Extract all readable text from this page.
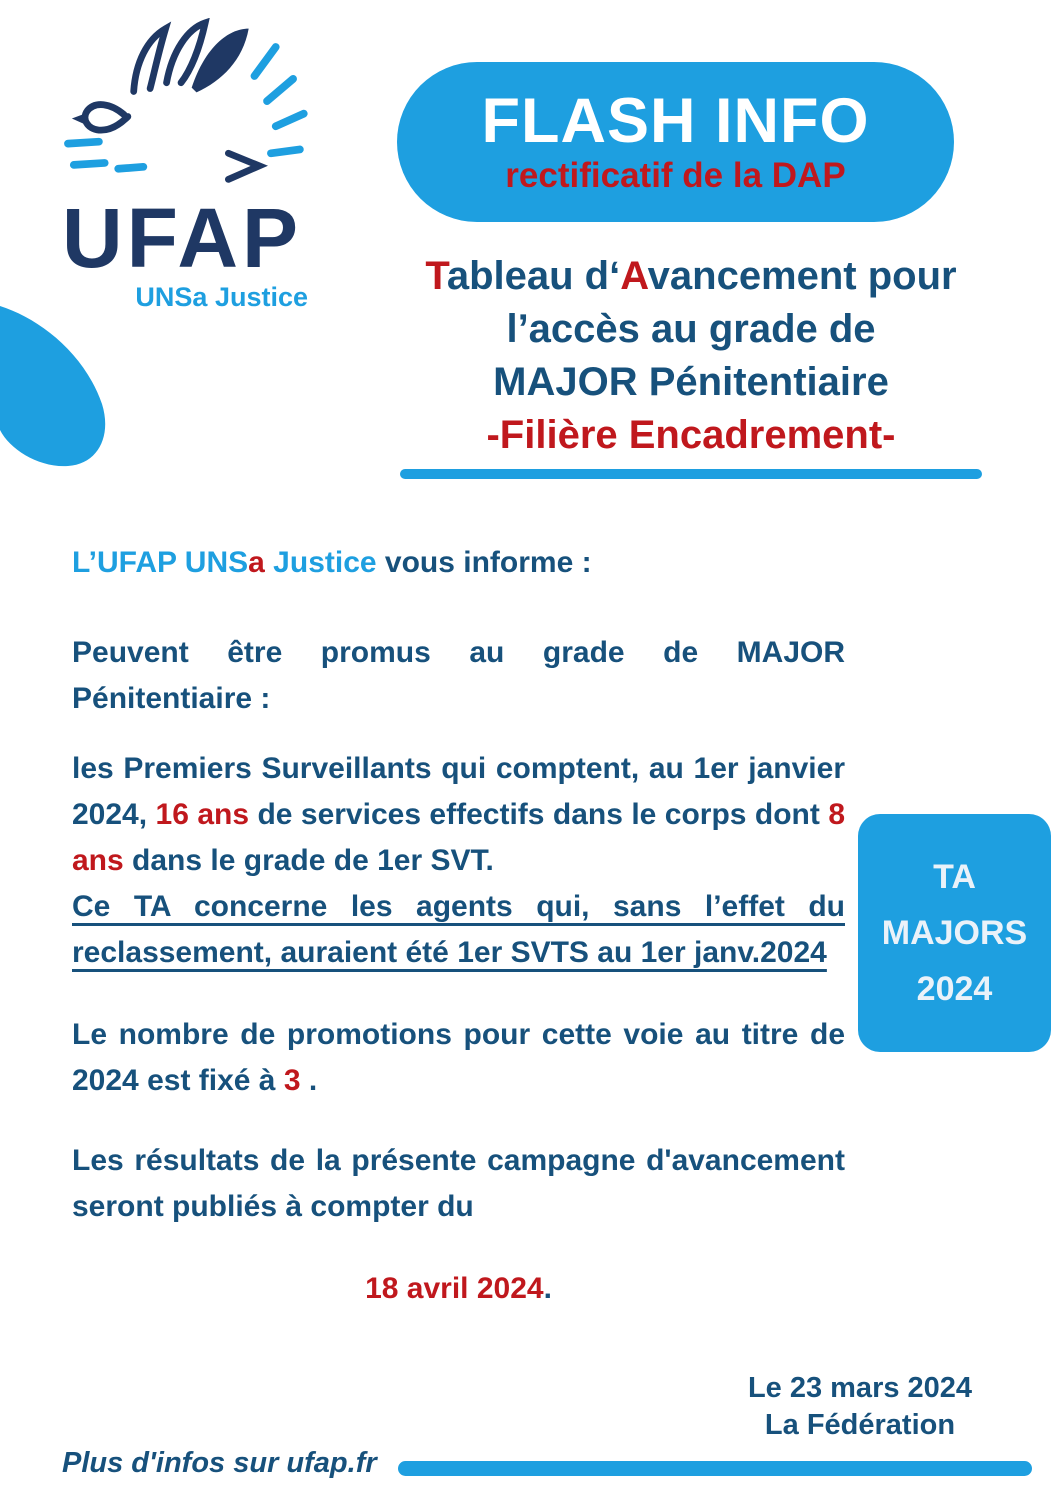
UFAP
UNSa Justice
FLASH INFO
rectificatif de la DAP
Tableau d‘Avancement pour
l’accès au grade de
MAJOR Pénitentiaire
-Filière Encadrement-

L’UFAP UNSa Justice vous informe :

Peuvent être promus au grade de MAJOR Pénitentiaire :

les Premiers Surveillants qui comptent, au 1er janvier 2024, 16 ans de services effectifs dans le corps dont 8 ans dans le grade de 1er SVT.

Ce TA concerne les agents qui, sans l’effet du reclassement, auraient été 1er SVTS au 1er janv.2024

Le nombre de promotions pour cette voie au titre de 2024 est fixé à 3 .

Les résultats de la présente campagne d'avancement seront publiés à compter du

18 avril 2024.

TA
MAJORS
2024
Le 23 mars 2024
La Fédération
Plus d'infos sur ufap.fr
